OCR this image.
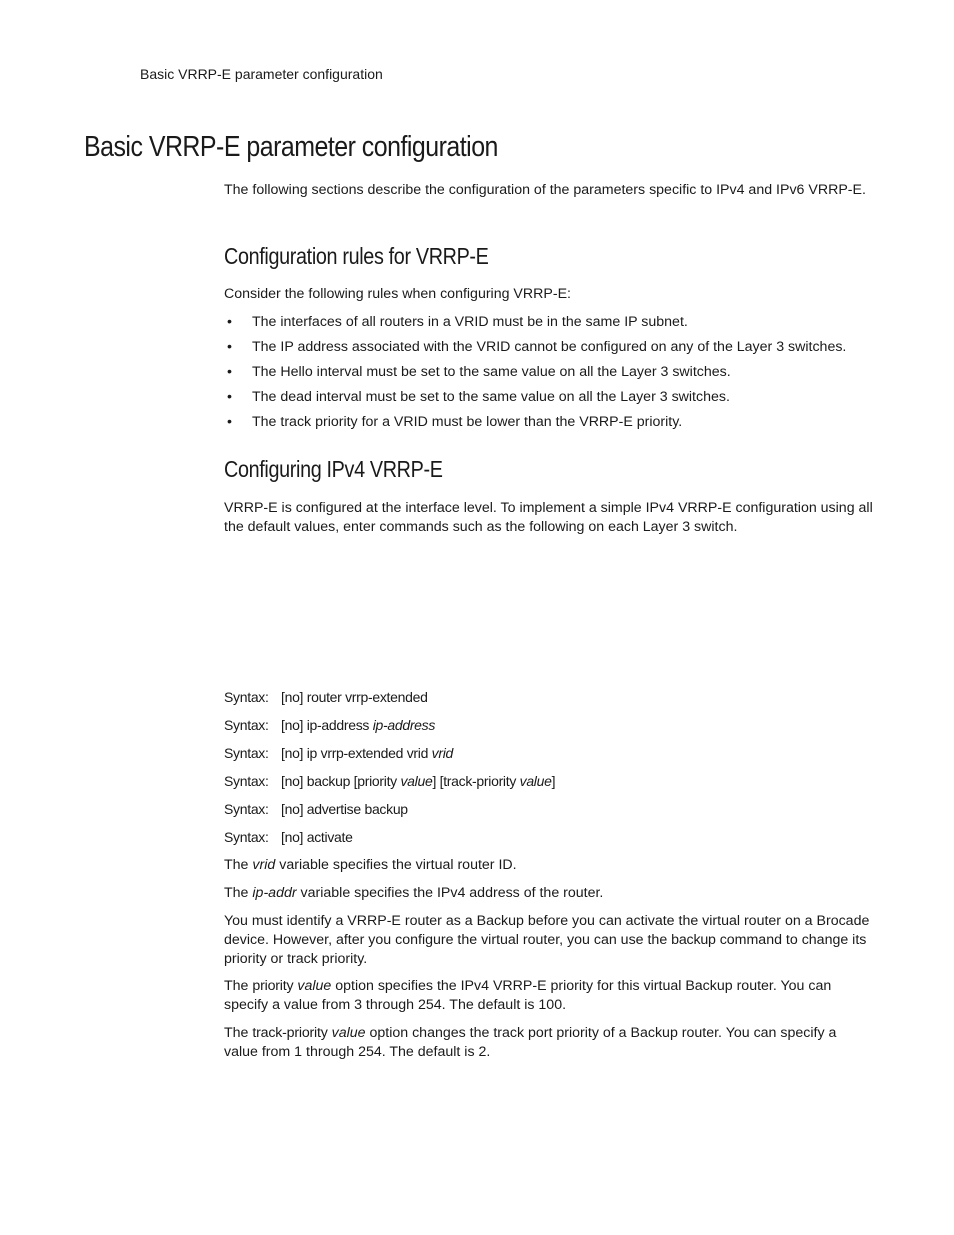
Basic VRRP-E parameter configuration
Basic VRRP-E parameter configuration

The following sections describe the configuration of the parameters specific to IPv4 and IPv6 VRRP-E.

Configuration rules for VRRP-E

Consider the following rules when configuring VRRP-E:

• The interfaces of all routers in a VRID must be in the same IP subnet.
• The IP address associated with the VRID cannot be configured on any of the Layer 3 switches.
• The Hello interval must be set to the same value on all the Layer 3 switches.
• The dead interval must be set to the same value on all the Layer 3 switches.
• The track priority for a VRID must be lower than the VRRP-E priority.
Configuring IPv4 VRRP-E

VRRP-E is configured at the interface level. To implement a simple IPv4 VRRP-E configuration using all the default values, enter commands such as the following on each Layer 3 switch.

Syntax: [no] router vrrp-extended
Syntax: [no] ip-address ip-address
Syntax: [no] ip vrrp-extended vrid vrid
Syntax: [no] backup [priority value] [track-priority value]
Syntax: [no] advertise backup
Syntax: [no] activate

The vrid variable specifies the virtual router ID.

The ip-addr variable specifies the IPv4 address of the router.

You must identify a VRRP-E router as a Backup before you can activate the virtual router on a Brocade device. However, after you configure the virtual router, you can use the backup command to change its priority or track priority.

The priority value option specifies the IPv4 VRRP-E priority for this virtual Backup router. You can specify a value from 3 through 254. The default is 100.

The track-priority value option changes the track port priority of a Backup router. You can specify a value from 1 through 254. The default is 2.
